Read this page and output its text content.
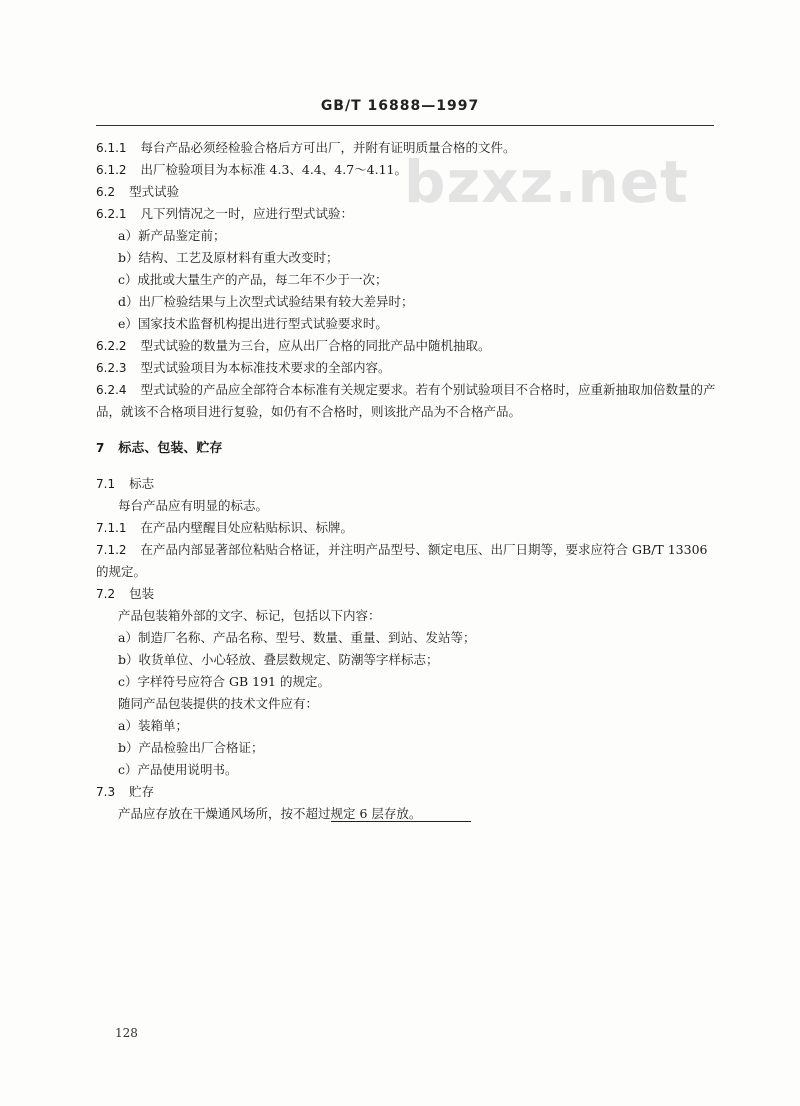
GB/T 16888—1997
bzxz.net
6.1.1 每台产品必须经检验合格后方可出厂，并附有证明质量合格的文件。
6.1.2 出厂检验项目为本标准 4.3、4.4、4.7～4.11。
6.2 型式试验
6.2.1 凡下列情况之一时，应进行型式试验：
a）新产品鉴定前；
b）结构、工艺及原材料有重大改变时；
c）成批或大量生产的产品，每二年不少于一次；
d）出厂检验结果与上次型式试验结果有较大差异时；
e）国家技术监督机构提出进行型式试验要求时。
6.2.2 型式试验的数量为三台，应从出厂合格的同批产品中随机抽取。
6.2.3 型式试验项目为本标准技术要求的全部内容。
6.2.4 型式试验的产品应全部符合本标准有关规定要求。若有个别试验项目不合格时，应重新抽取加倍数量的产品，就该不合格项目进行复验，如仍有不合格时，则该批产品为不合格产品。
7 标志、包装、贮存
7.1 标志
每台产品应有明显的标志。
7.1.1 在产品内壁醒目处应粘贴标识、标牌。
7.1.2 在产品内部显著部位粘贴合格证，并注明产品型号、额定电压、出厂日期等，要求应符合 GB/T 13306的规定。
7.2 包装
产品包装箱外部的文字、标记，包括以下内容：
a）制造厂名称、产品名称、型号、数量、重量、到站、发站等；
b）收货单位、小心轻放、叠层数规定、防潮等字样标志；
c）字样符号应符合 GB 191 的规定。
随同产品包装提供的技术文件应有：
a）装箱单；
b）产品检验出厂合格证；
c）产品使用说明书。
7.3 贮存
产品应存放在干燥通风场所，按不超过规定 6 层存放。
128
